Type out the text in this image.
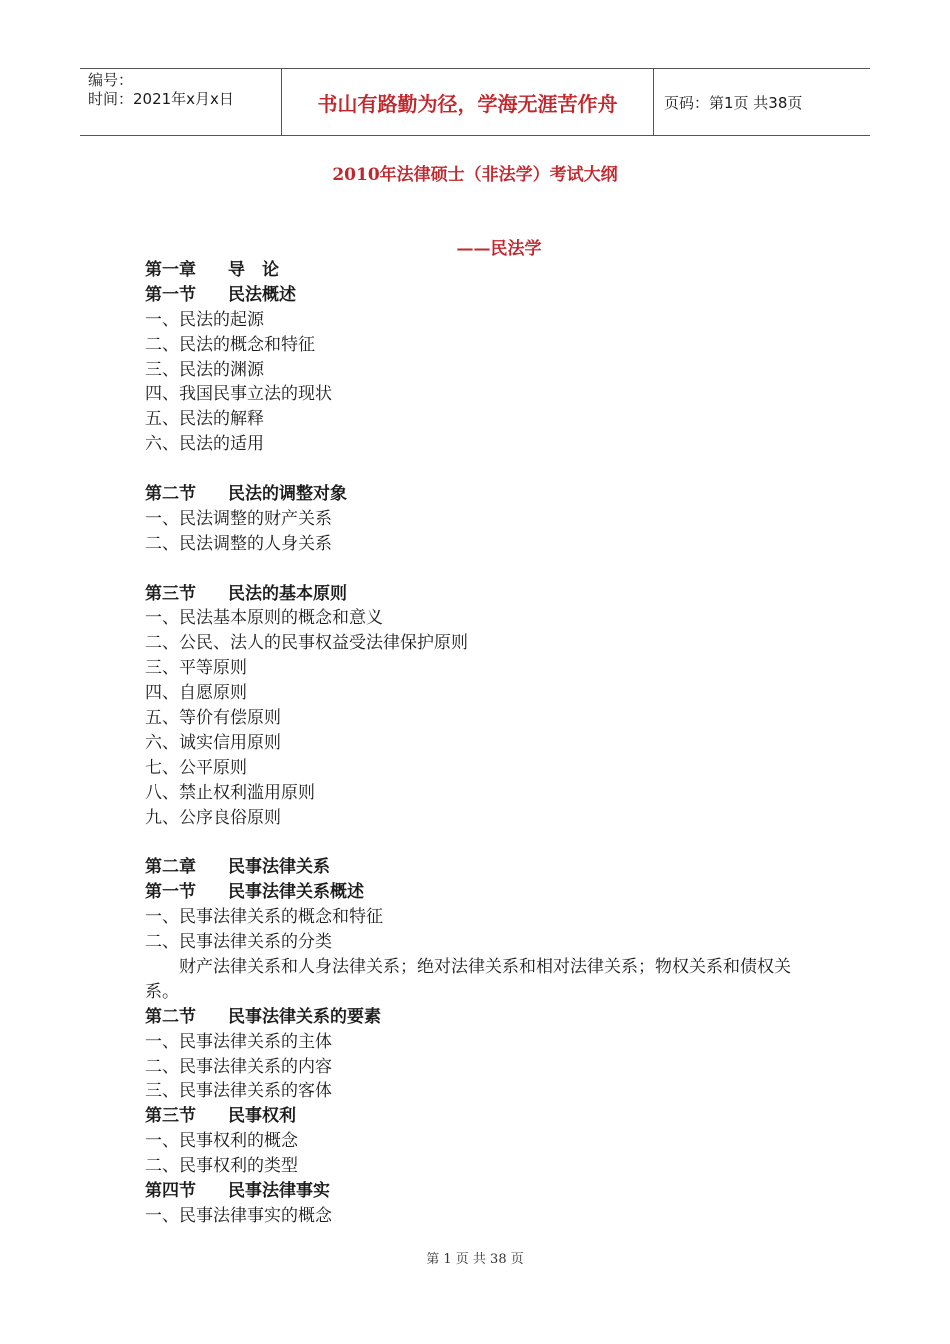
编号：
时间：2021年x月x日	书山有路勤为径，学海无涯苦作舟	页码：第1页 共38页
2010年法律硕士（非法学）考试大纲
——民法学
第一章 导　论
第一节 民法概述
一、民法的起源
二、民法的概念和特征
三、民法的渊源
四、我国民事立法的现状
五、民法的解释
六、民法的适用
第二节 民法的调整对象
一、民法调整的财产关系
二、民法调整的人身关系
第三节 民法的基本原则
一、民法基本原则的概念和意义
二、公民、法人的民事权益受法律保护原则
三、平等原则
四、自愿原则
五、等价有偿原则
六、诚实信用原则
七、公平原则
八、禁止权利滥用原则
九、公序良俗原则
第二章 民事法律关系
第一节 民事法律关系概述
一、民事法律关系的概念和特征
二、民事法律关系的分类
财产法律关系和人身法律关系；绝对法律关系和相对法律关系；物权关系和债权关系。
第二节 民事法律关系的要素
一、民事法律关系的主体
二、民事法律关系的内容
三、民事法律关系的客体
第三节 民事权利
一、民事权利的概念
二、民事权利的类型
第四节 民事法律事实
一、民事法律事实的概念
第 1 页 共 38 页
